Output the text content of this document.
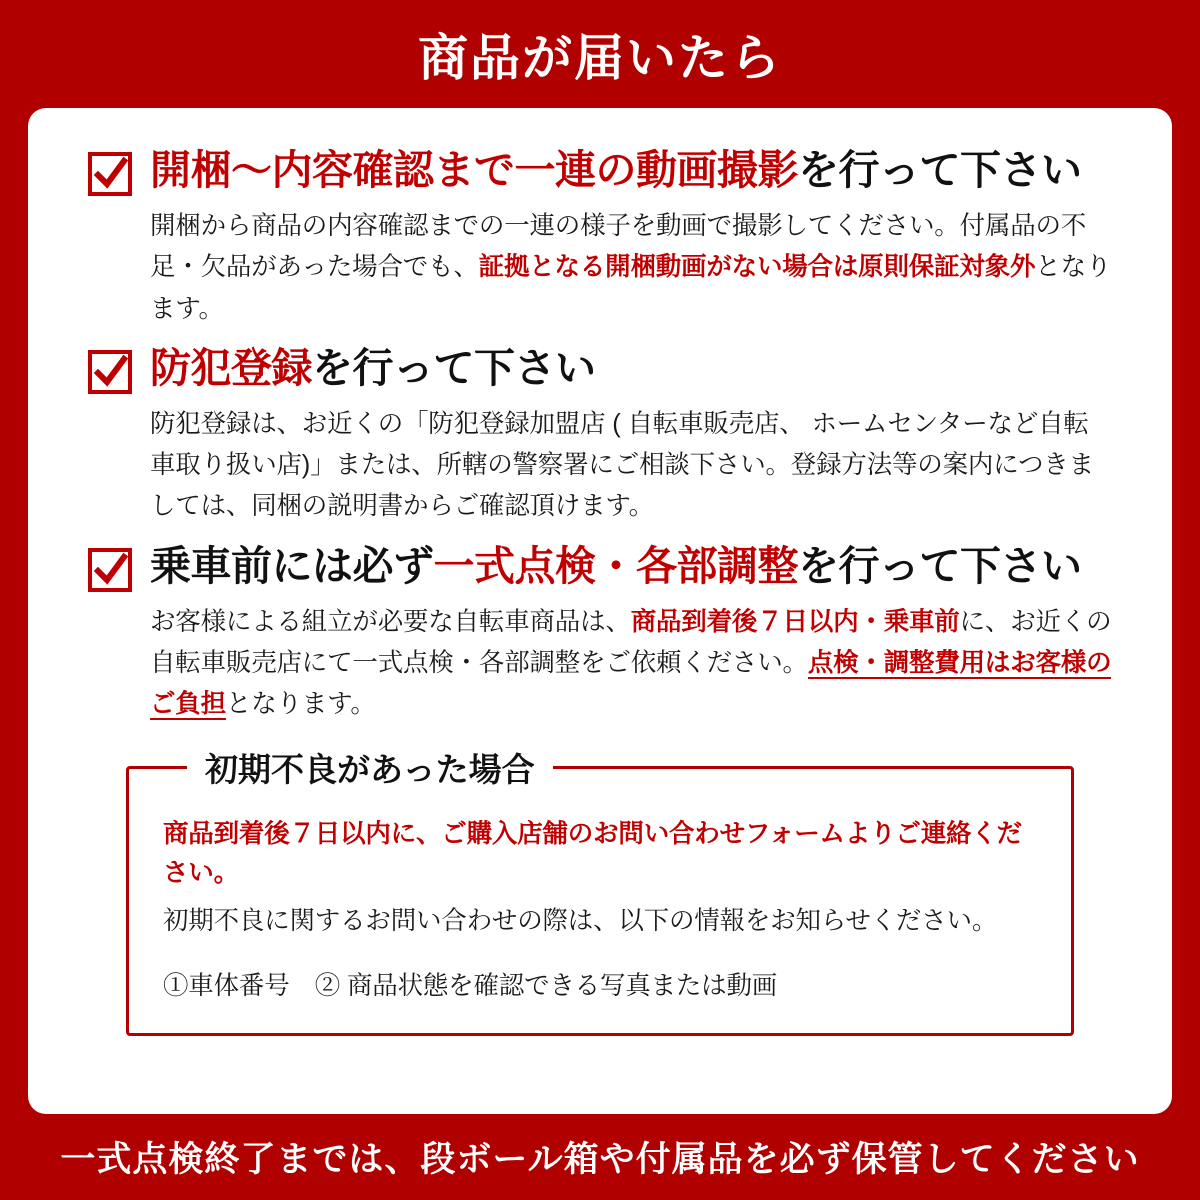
商品が届いたら
開梱〜内容確認まで一連の動画撮影を行って下さい
開梱から商品の内容確認までの一連の様子を動画で撮影してください。付属品の不足・欠品があった場合でも、証拠となる開梱動画がない場合は原則保証対象外となります。
防犯登録を行って下さい
防犯登録は、お近くの「防犯登録加盟店 ( 自転車販売店、 ホームセンターなど自転車取り扱い店)」または、所轄の警察署にご相談下さい。登録方法等の案内につきましては、同梱の説明書からご確認頂けます。
乗車前には必ず一式点検・各部調整を行って下さい
お客様による組立が必要な自転車商品は、商品到着後７日以内・乗車前に、お近くの自転車販売店にて一式点検・各部調整をご依頼ください。点検・調整費用はお客様のご負担となります。
初期不良があった場合
商品到着後７日以内に、ご購入店舗のお問い合わせフォームよりご連絡ください。
初期不良に関するお問い合わせの際は、以下の情報をお知らせください。
①車体番号　② 商品状態を確認できる写真または動画
一式点検終了までは、段ボール箱や付属品を必ず保管してください
